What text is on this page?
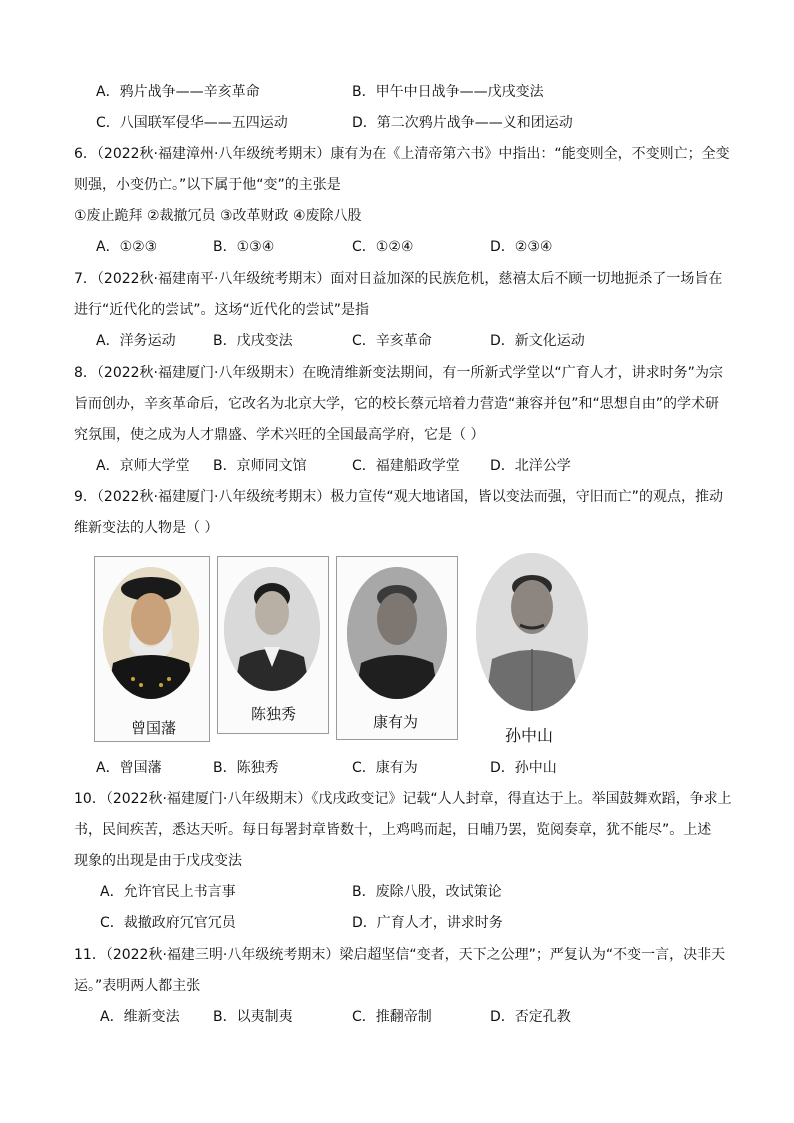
A．鸦片战争——辛亥革命	B．甲午中日战争——戊戌变法
C．八国联军侵华——五四运动	D．第二次鸦片战争——义和团运动
6．（2022秋·福建漳州·八年级统考期末）康有为在《上清帝第六书》中指出：“能变则全，不变则亡；全变
则强，小变仍亡。”以下属于他“变”的主张是
①废止跪拜 ②裁撤冗员 ③改革财政 ④废除八股
A．①②③	B．①③④	C．①②④	D．②③④
7．（2022秋·福建南平·八年级统考期末）面对日益加深的民族危机，慈禧太后不顾一切地扼杀了一场旨在
进行“近代化的尝试”。这场“近代化的尝试”是指
A．洋务运动	B．戊戌变法	C．辛亥革命	D．新文化运动
8．（2022秋·福建厦门·八年级期末）在晚清维新变法期间，有一所新式学堂以“广育人才，讲求时务”为宗
旨而创办，辛亥革命后，它改名为北京大学，它的校长蔡元培着力营造“兼容并包”和“思想自由”的学术研
究氛围，使之成为人才鼎盛、学术兴旺的全国最高学府，它是（ ）
A．京师大学堂 B．京师同文馆	C．福建船政学堂 D．北洋公学
9．（2022秋·福建厦门·八年级统考期末）极力宣传“观大地诸国，皆以变法而强，守旧而亡”的观点，推动
维新变法的人物是（ ）
曾国藩
陈独秀	康有为
孙中山
A．曾国藩	B．陈独秀	C．康有为	D．孙中山
10．（2022秋·福建厦门·八年级期末）《戊戌政变记》记载“人人封章，得直达于上。举国鼓舞欢蹈，争求上
书，民间疾苦，悉达天听。每日每署封章皆数十，上鸡鸣而起，日晡乃罢，览阅奏章，犹不能尽”。上述
现象的出现是由于戊戌变法
A．允许官民上书言事	B．废除八股，改试策论
C．裁撤政府冗官冗员	D．广育人才，讲求时务
11．（2022秋·福建三明·八年级统考期末）梁启超坚信“变者，天下之公理”；严复认为“不变一言，决非天
运。”表明两人都主张
A．维新变法 B．以夷制夷	C．推翻帝制	D．否定孔教
